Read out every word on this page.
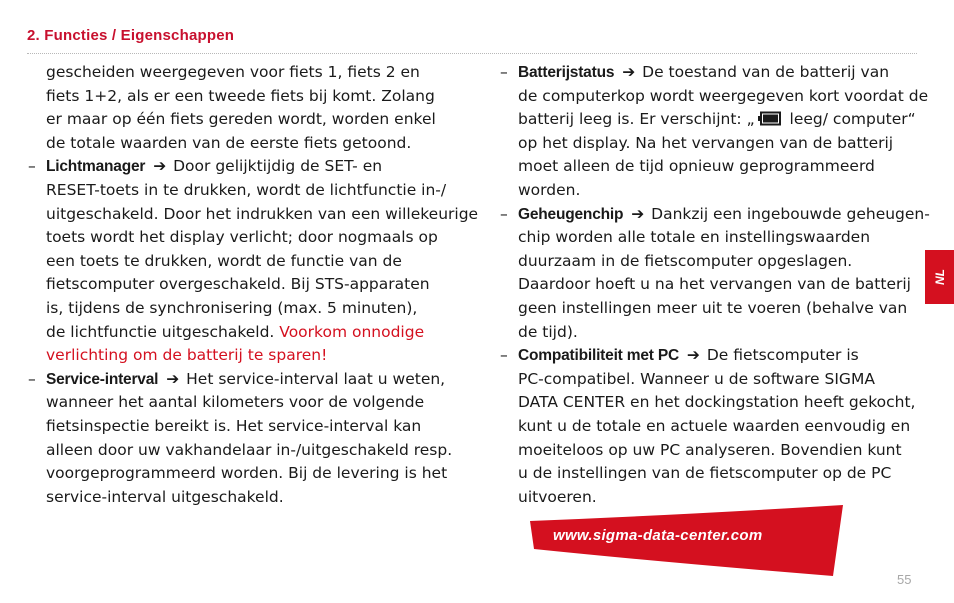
2. Functies / Eigenschappen
gescheiden weergegeven voor fiets 1, fiets 2 en
fiets 1+2, als er een tweede fiets bij komt. Zolang
er maar op één fiets gereden wordt, worden enkel
de totale waarden van de eerste fiets getoond.
– Lichtmanager ➔ Door gelijktijdig de SET- en
RESET-toets in te drukken, wordt de lichtfunctie in-/
uitgeschakeld. Door het indrukken van een willekeurige
toets wordt het display verlicht; door nogmaals op
een toets te drukken, wordt de functie van de
fietscomputer overgeschakeld. Bij STS-apparaten
is, tijdens de synchronisering (max. 5 minuten),
de lichtfunctie uitgeschakeld. Voorkom onnodige
verlichting om de batterij te sparen!
– Service-interval ➔ Het service-interval laat u weten,
wanneer het aantal kilometers voor de volgende
fietsinspectie bereikt is. Het service-interval kan
alleen door uw vakhandelaar in-/uitgeschakeld resp.
voorgeprogrammeerd worden. Bij de levering is het
service-interval uitgeschakeld.
– Batterijstatus ➔ De toestand van de batterij van
de computerkop wordt weergegeven kort voordat de
batterij leeg is. Er verschijnt: „ leeg/ computer“
op het display. Na het vervangen van de batterij
moet alleen de tijd opnieuw geprogrammeerd
worden.
– Geheugenchip ➔ Dankzij een ingebouwde geheugen-
chip worden alle totale en instellingswaarden
duurzaam in de fietscomputer opgeslagen.
Daardoor hoeft u na het vervangen van de batterij
geen instellingen meer uit te voeren (behalve van
de tijd).
– Compatibiliteit met PC ➔ De fietscomputer is
PC-compatibel. Wanneer u de software SIGMA
DATA CENTER en het dockingstation heeft gekocht,
kunt u de totale en actuele waarden eenvoudig en
moeiteloos op uw PC analyseren. Bovendien kunt
u de instellingen van de fietscomputer op de PC
uitvoeren.
www.sigma-data-center.com
NL
55
